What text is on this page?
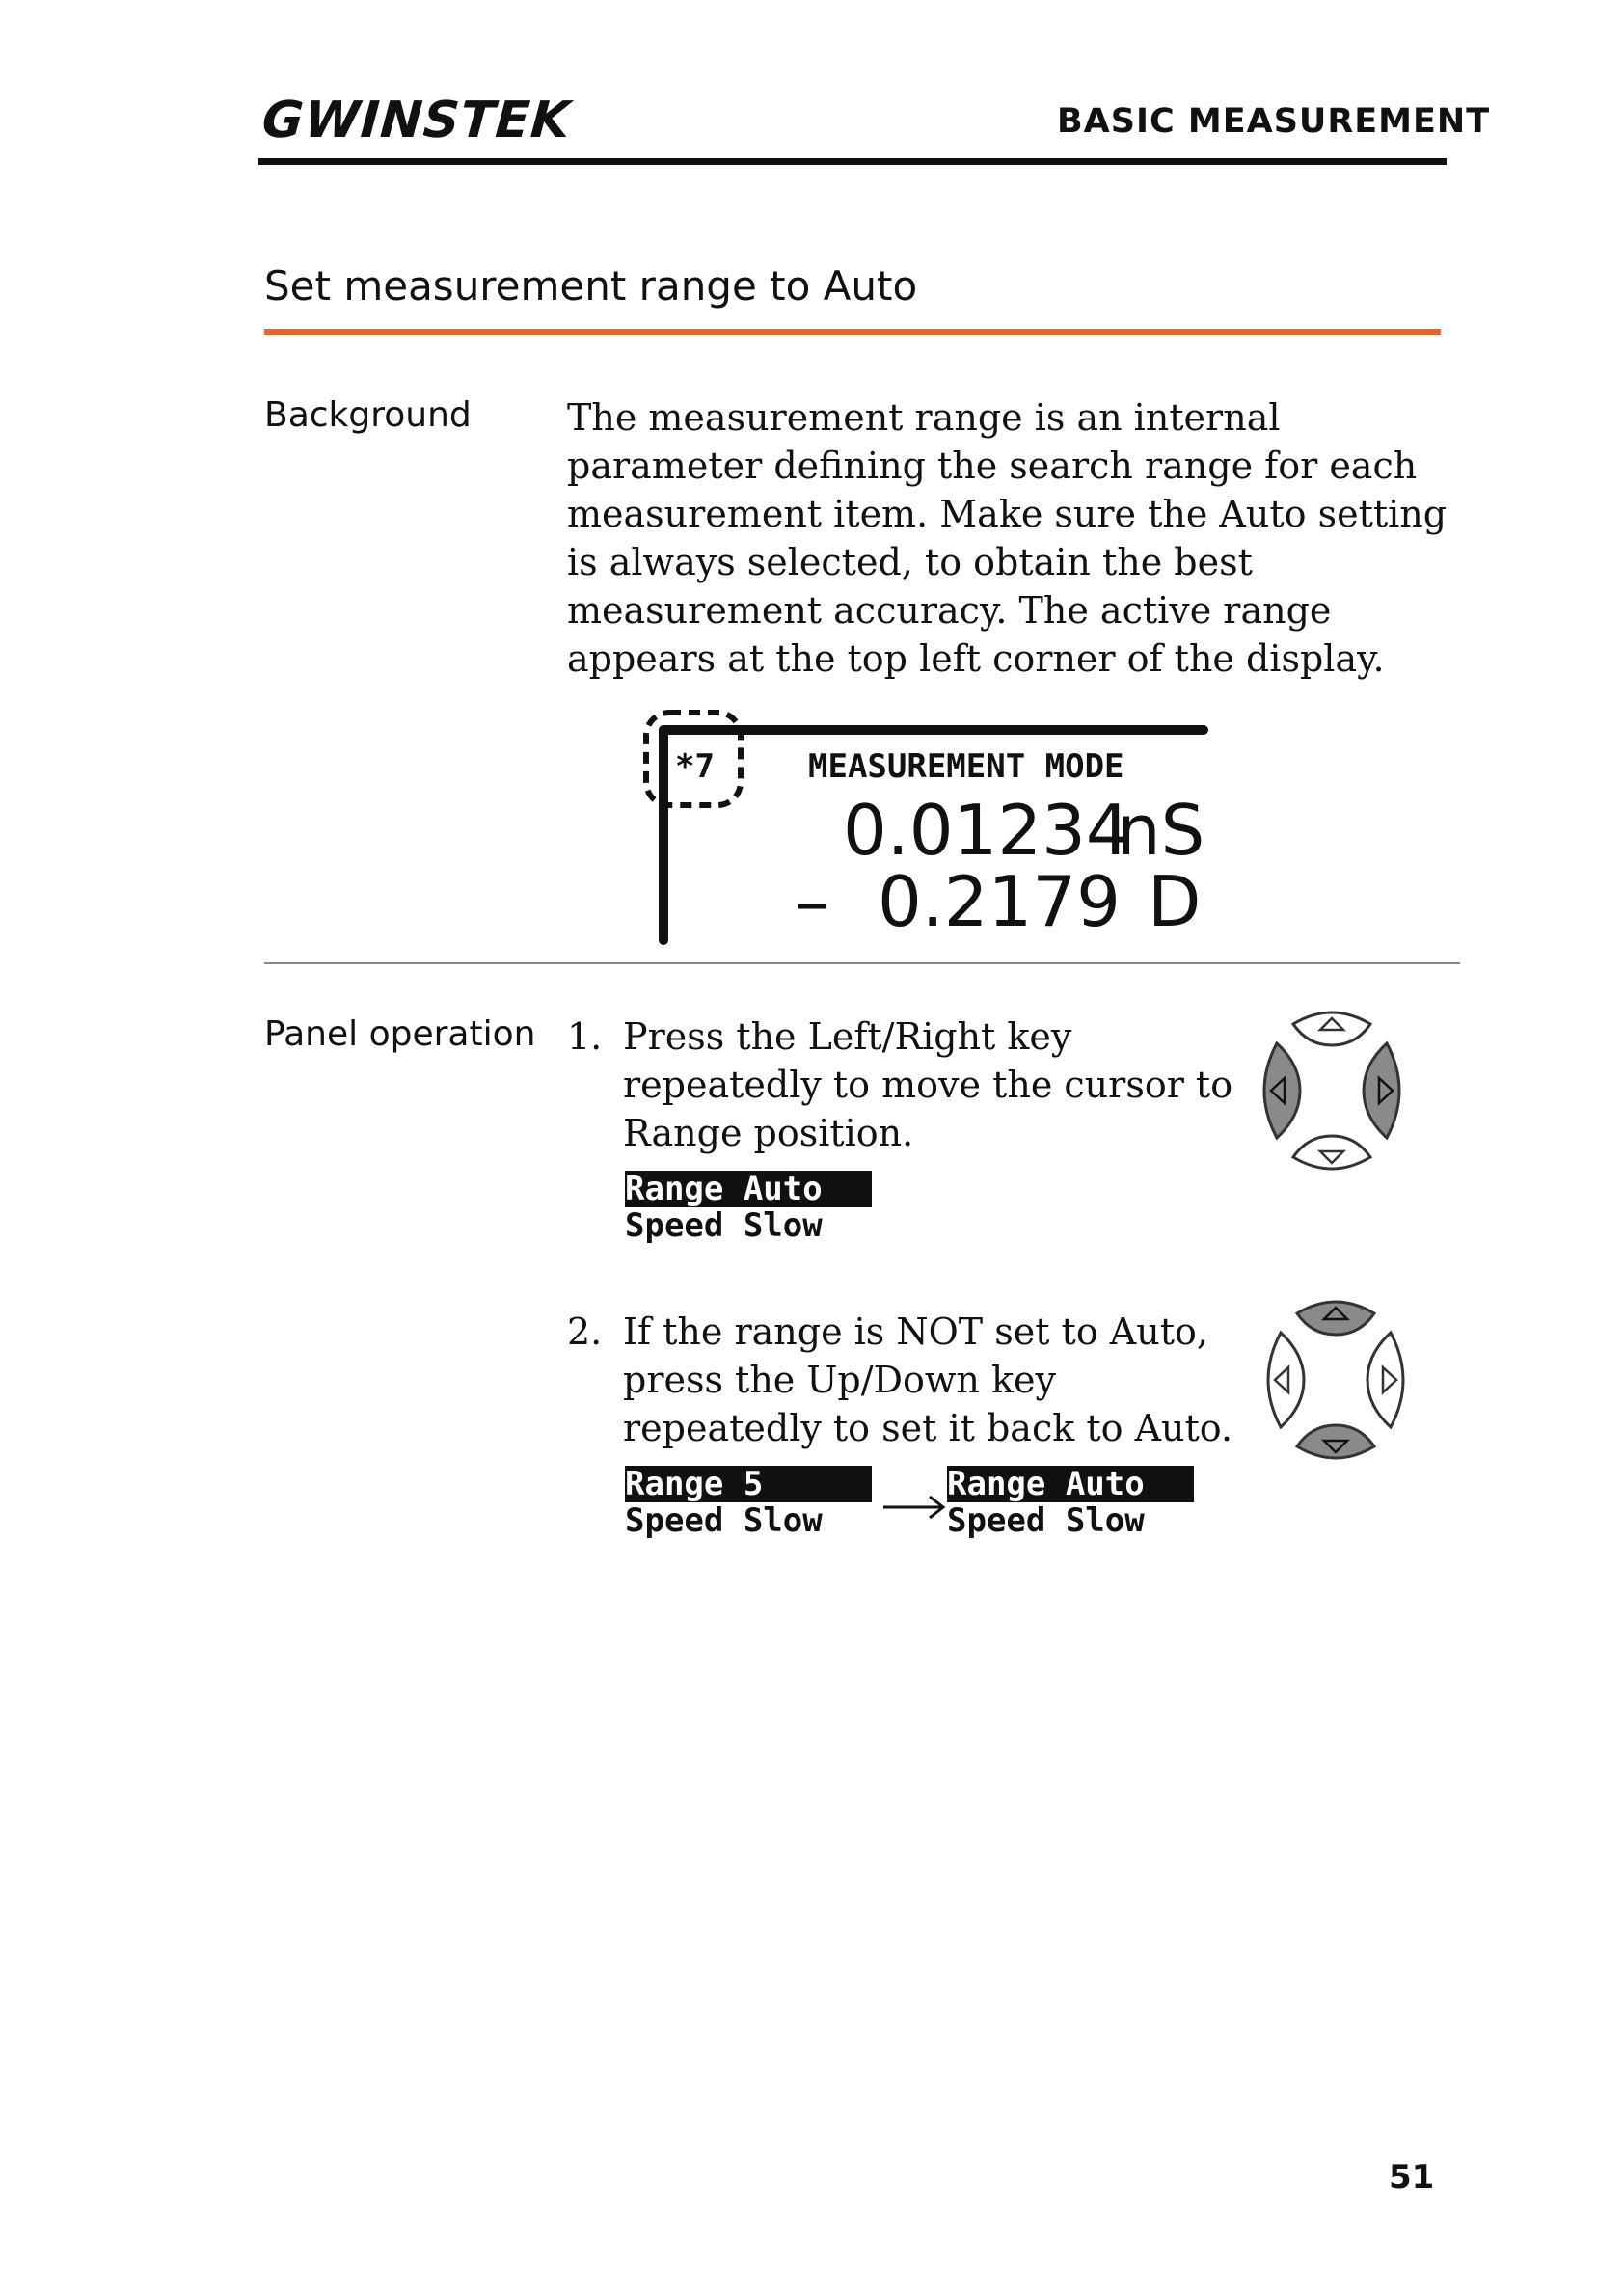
GWINSTEK	BASIC MEASUREMENT
Set measurement range to Auto
Background	The measurement range is an internal parameter defining the search range for each measurement item. Make sure the Auto setting is always selected, to obtain the best measurement accuracy. The active range appears at the top left corner of the display.
*7	MEASUREMENT MODE
0.01234
nS
– 0.2179 D
Panel operation 1. Press the Left/Right key repeatedly to move the cursor to Range position.
Range Auto
Speed Slow
2. If the range is NOT set to Auto, press the Up/Down key repeatedly to set it back to Auto.
Range 5
Speed Slow
Range Auto
Speed Slow
51
